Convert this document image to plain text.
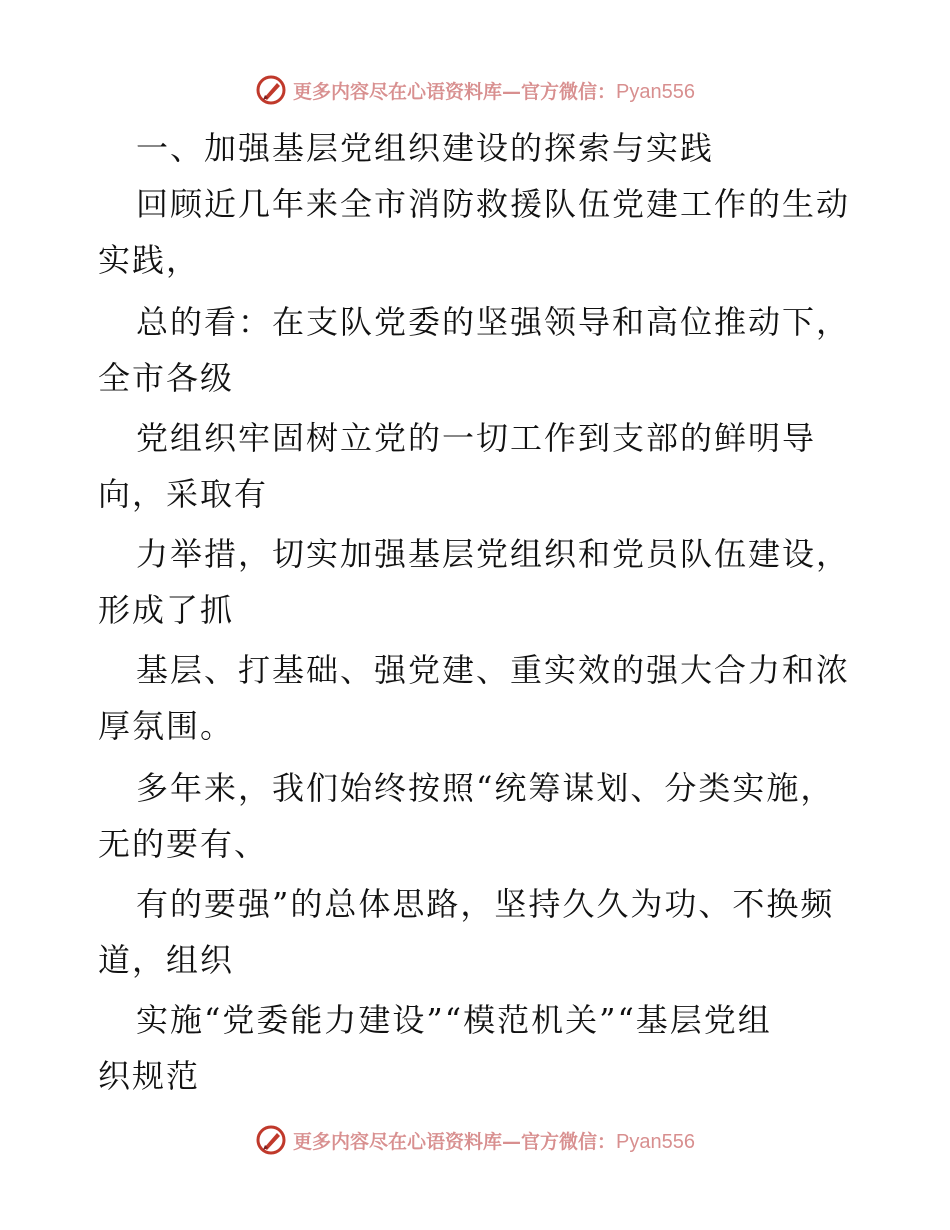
更多内容尽在心语资料库—官方微信：Pyan556
一、加强基层党组织建设的探索与实践
回顾近几年来全市消防救援队伍党建工作的生动
实践，
总的看：在支队党委的坚强领导和高位推动下，
全市各级
党组织牢固树立党的一切工作到支部的鲜明导
向，采取有
力举措，切实加强基层党组织和党员队伍建设，
形成了抓
基层、打基础、强党建、重实效的强大合力和浓
厚氛围。
多年来，我们始终按照“统筹谋划、分类实施，
无的要有、
有的要强”的总体思路，坚持久久为功、不换频
道，组织
实施“党委能力建设”“模范机关”“基层党组
织规范
更多内容尽在心语资料库—官方微信：Pyan556
